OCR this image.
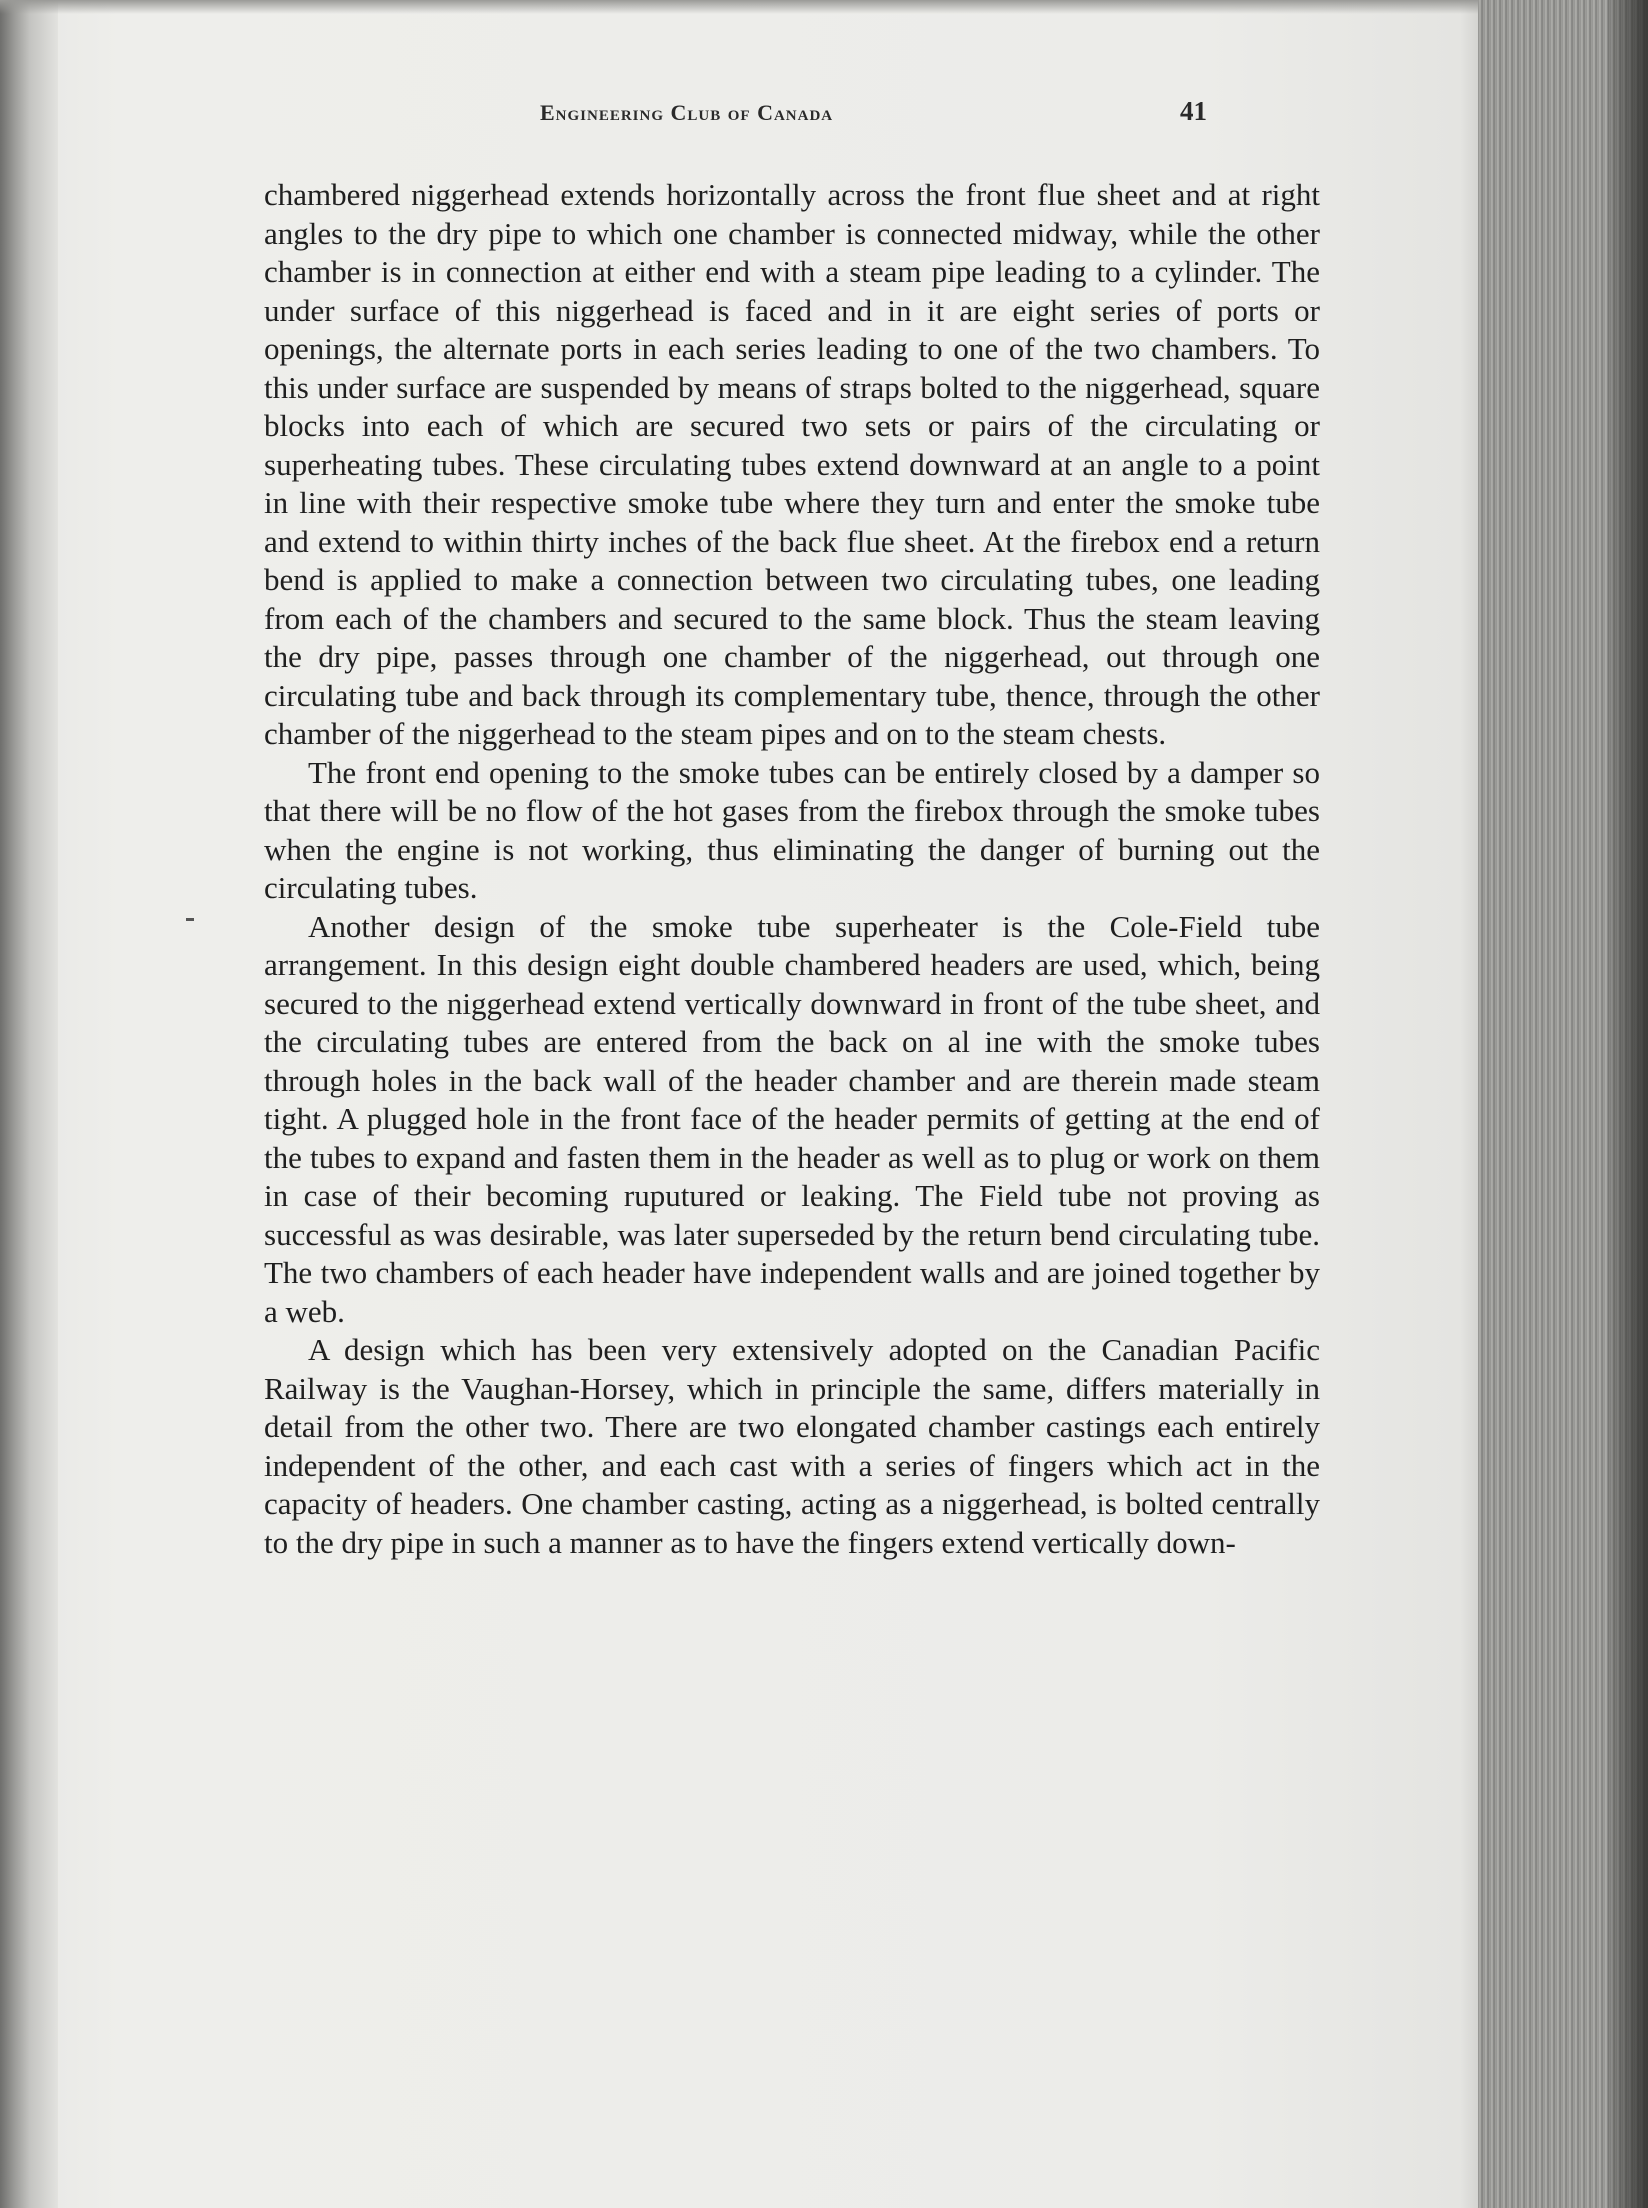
Engineering Club of Canada	41

chambered niggerhead extends horizontally across the front flue sheet and at right angles to the dry pipe to which one chamber is connected midway, while the other chamber is in connection at either end with a steam pipe leading to a cylinder. The under surface of this niggerhead is faced and in it are eight series of ports or openings, the alternate ports in each series leading to one of the two chambers. To this under surface are suspended by means of straps bolted to the niggerhead, square blocks into each of which are secured two sets or pairs of the circulating or superheating tubes. These circulating tubes extend downward at an angle to a point in line with their respective smoke tube where they turn and enter the smoke tube and extend to within thirty inches of the back flue sheet. At the firebox end a return bend is applied to make a connection between two circulating tubes, one leading from each of the chambers and secured to the same block. Thus the steam leaving the dry pipe, passes through one chamber of the niggerhead, out through one circulating tube and back through its complementary tube, thence, through the other chamber of the niggerhead to the steam pipes and on to the steam chests.

The front end opening to the smoke tubes can be entirely closed by a damper so that there will be no flow of the hot gases from the firebox through the smoke tubes when the engine is not working, thus eliminating the danger of burning out the circulating tubes.

Another design of the smoke tube superheater is the Cole-Field tube arrangement. In this design eight double chambered headers are used, which, being secured to the niggerhead extend vertically downward in front of the tube sheet, and the circulating tubes are entered from the back on al ine with the smoke tubes through holes in the back wall of the header chamber and are therein made steam tight. A plugged hole in the front face of the header permits of getting at the end of the tubes to expand and fasten them in the header as well as to plug or work on them in case of their becoming ruputured or leaking. The Field tube not proving as successful as was desirable, was later superseded by the return bend circulating tube. The two chambers of each header have independent walls and are joined together by a web.

A design which has been very extensively adopted on the Canadian Pacific Railway is the Vaughan-Horsey, which in principle the same, differs materially in detail from the other two. There are two elongated chamber castings each entirely independent of the other, and each cast with a series of fingers which act in the capacity of headers. One chamber casting, acting as a niggerhead, is bolted centrally to the dry pipe in such a manner as to have the fingers extend vertically down-
